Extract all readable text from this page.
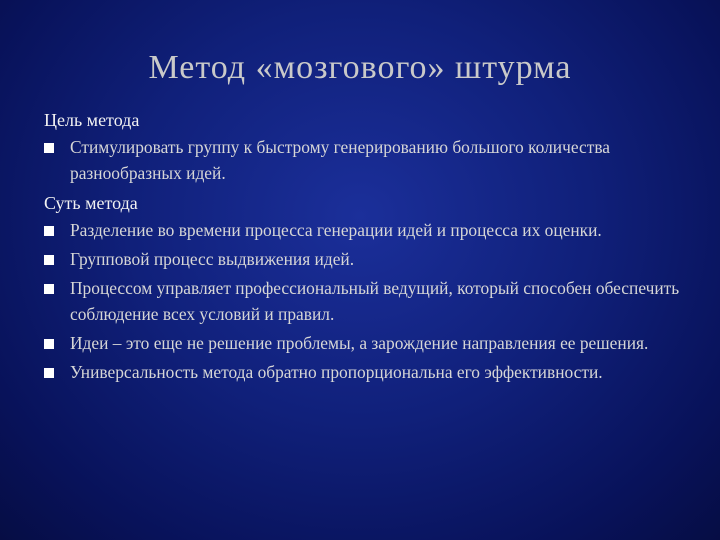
Метод «мозгового» штурма

Цель метода

Стимулировать группу к быстрому генерированию большого количества разнообразных идей.

Суть метода

Разделение во времени процесса генерации идей и процесса их оценки.
Групповой процесс выдвижения идей.
Процессом управляет профессиональный ведущий, который способен обеспечить соблюдение всех условий и правил.
Идеи – это еще не решение проблемы, а зарождение направления ее решения.
Универсальность метода обратно пропорциональна его эффективности.
